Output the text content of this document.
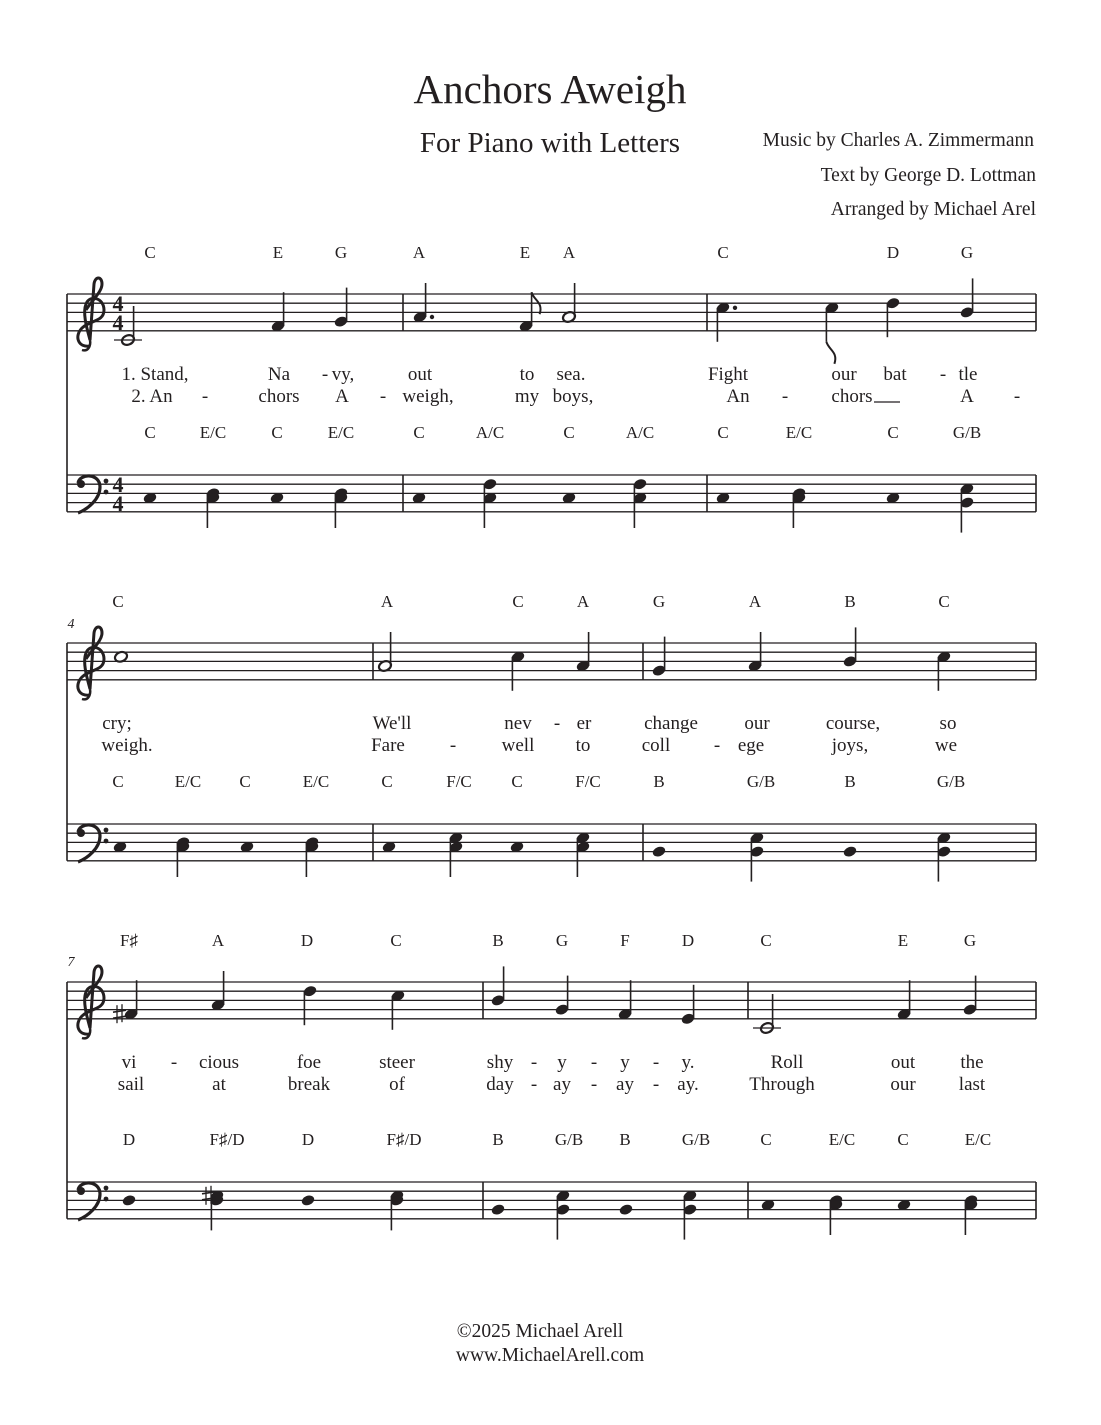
4
4
4
4
C	E	G	A	E A	C	D	G
1. Stand,	Na - vy,	out	to sea.	Fight	our bat - tle
2. An -	chors A - weigh,	my boys,	An - chors	A -
C	E/C	C	E/C	C	A/C	C	A/C	C	E/C	C	G/B
4
C	A	C	A	G	A	B	C
cry;	We'll	nev - er	change our	course,	so
weigh.	Fare - well to	coll - ege	joys,	we
C	E/C C	E/C	C	F/C C	F/C	B	G/B	B	G/B
7
F♯	A	D	C	B	G	F	D	C	E	G
vi - cious	foe	steer	shy - y - y - y.	Roll	out the
sail	at	break	of	day - ay - ay - ay.	Through	our last
D	F♯/D	D	F♯/D	B	G/B B	G/B	C	E/C C	E/C
Anchors Aweigh
For Piano with Letters	Music by Charles A. Zimmermann
Text by George D. Lottman
Arranged by Michael Arel
©2025 Michael Arell
www.MichaelArell.com
